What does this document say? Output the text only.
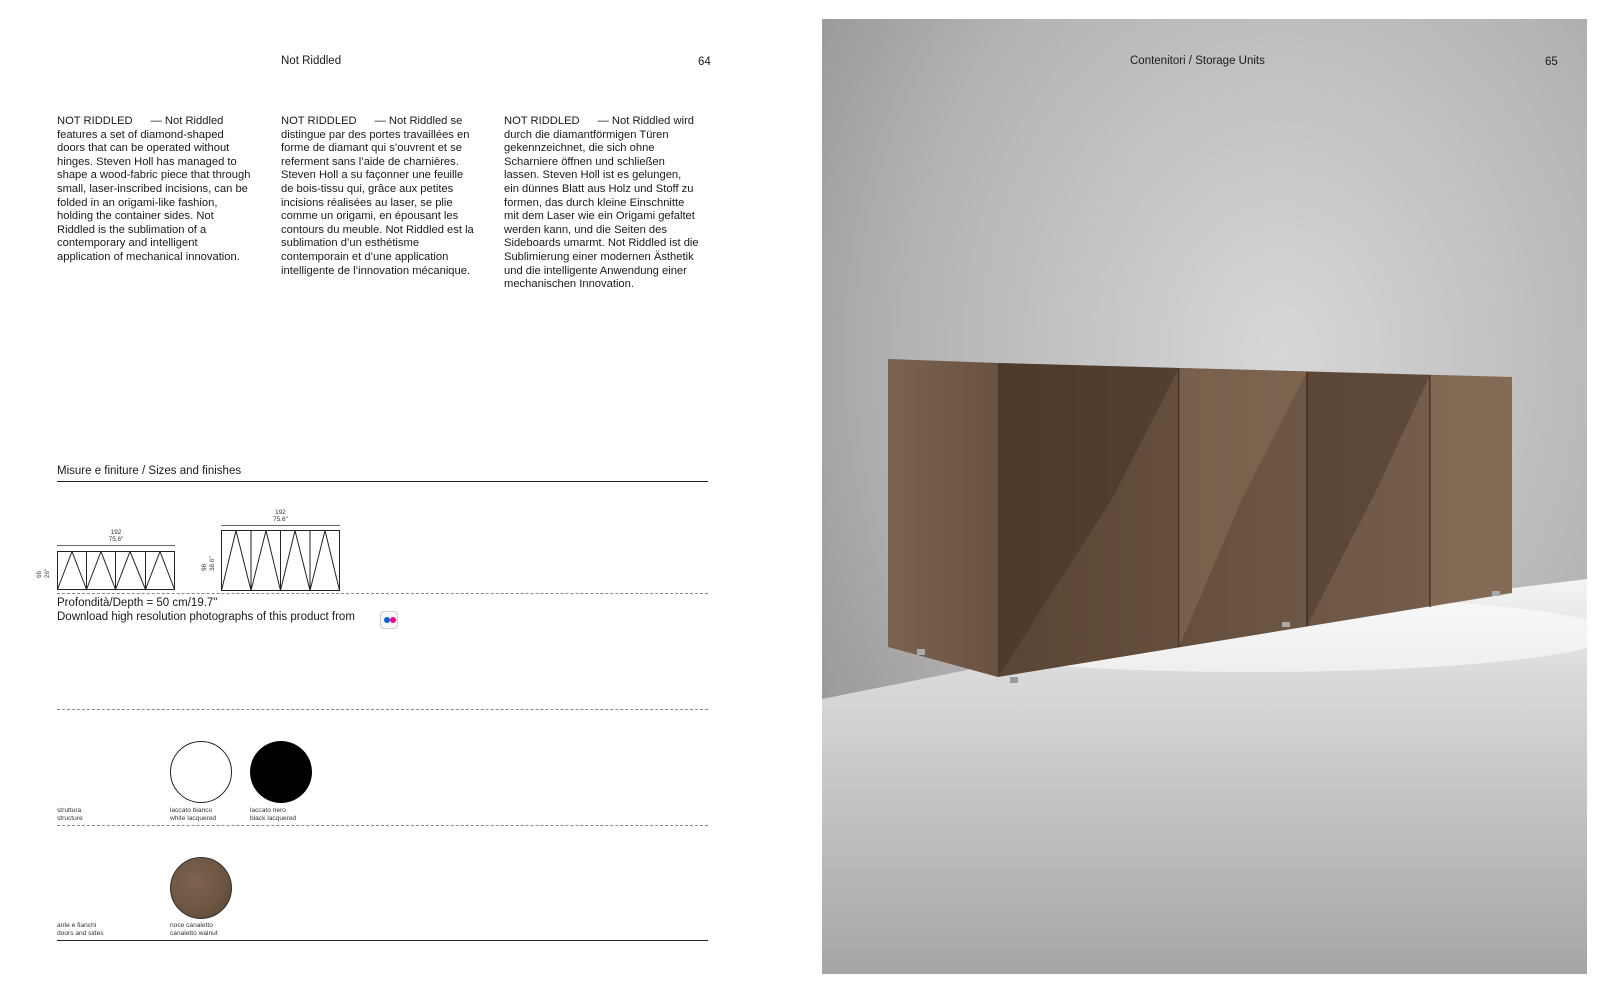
Not Riddled	64
NOT RIDDLED — Not Riddled features a set of diamond-shaped doors that can be operated without hinges. Steven Holl has managed to shape a wood-fabric piece that through small, laser-inscribed incisions, can be folded in an origami-like fashion, holding the container sides. Not Riddled is the sublimation of a contemporary and intelligent application of mechanical innovation.
NOT RIDDLED — Not Riddled se distingue par des portes travaillées en forme de diamant qui s’ouvrent et se referment sans l’aide de charnières. Steven Holl a su façonner une feuille de bois-tissu qui, grâce aux petites incisions réalisées au laser, se plie comme un origami, en épousant les contours du meuble. Not Riddled est la sublimation d’un esthétisme contemporain et d’une application intelligente de l’innovation mécanique.
NOT RIDDLED — Not Riddled wird durch die diamantförmigen Türen gekennzeichnet, die sich ohne Scharniere öffnen und schließen lassen. Steven Holl ist es gelungen, ein dünnes Blatt aus Holz und Stoff zu formen, das durch kleine Einschnitte mit dem Laser wie ein Origami gefaltet werden kann, und die Seiten des Sideboards umarmt. Not Riddled ist die Sublimierung einer modernen Ästhetik und die intelligente Anwendung einer mechanischen Innovation.
Misure e finiture / Sizes and finishes
192
75.6"
66 26"
192
75.6"
98 38.6"
Profondità/Depth = 50 cm/19.7"
Download high resolution photographs of this product from
struttura
structure
laccato bianco
white lacquered
laccato nero
black lacquered
ante e fianchi
doors and sides
noce canaletto
canaletto walnut
Contenitori / Storage Units	65
